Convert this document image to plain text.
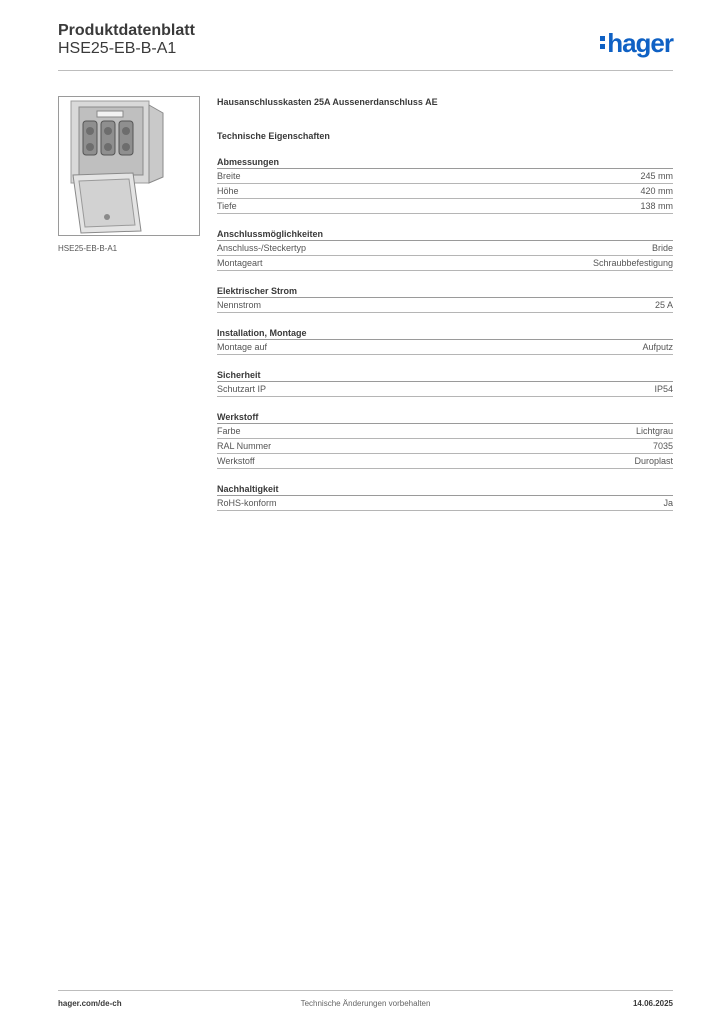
Produktdatenblatt
HSE25-EB-B-A1	hager
HSE25-EB-B-A1
Hausanschlusskasten 25A Aussenerdanschluss AE
Technische Eigenschaften
Abmessungen
Breite	245 mm
Höhe	420 mm
Tiefe	138 mm
Anschlussmöglichkeiten
Anschluss-/Steckertyp	Bride
Montageart	Schraubbefestigung
Elektrischer Strom
Nennstrom	25 A
Installation, Montage
Montage auf	Aufputz
Sicherheit
Schutzart IP	IP54
Werkstoff
Farbe	Lichtgrau
RAL Nummer	7035
Werkstoff	Duroplast
Nachhaltigkeit
RoHS-konform	Ja
hager.com/de-ch	Technische Änderungen vorbehalten	14.06.2025
